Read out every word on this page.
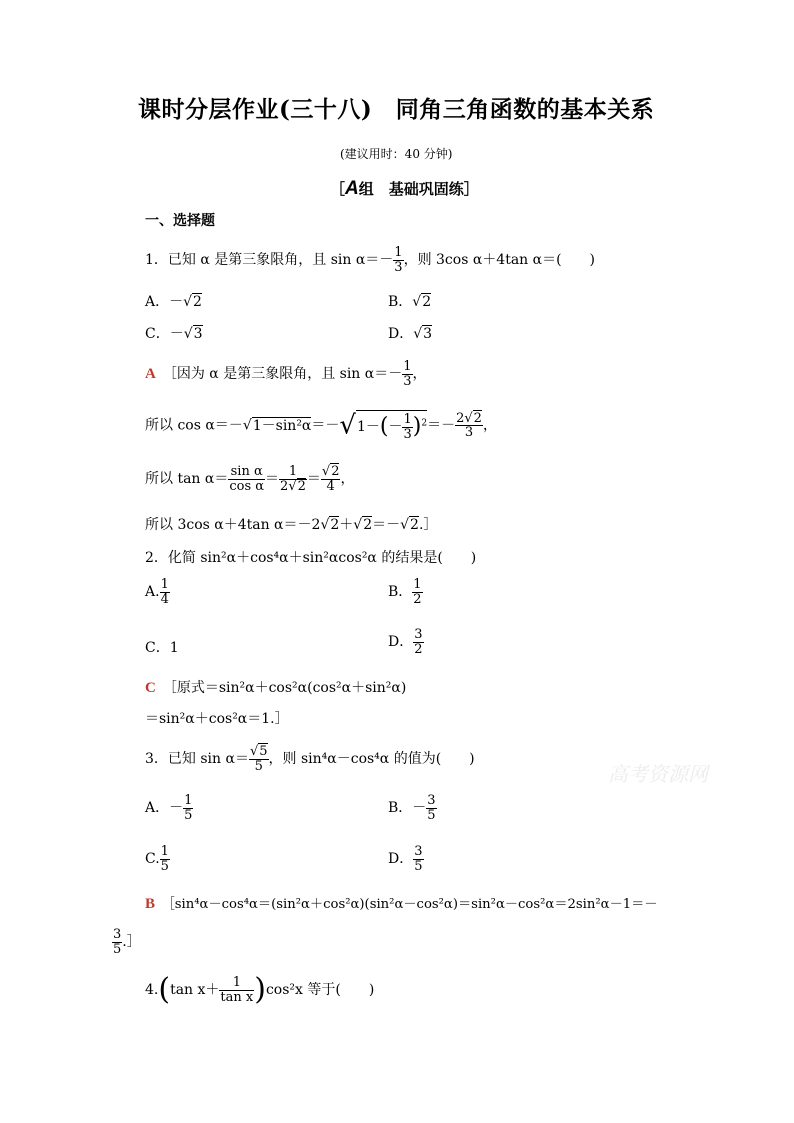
课时分层作业(三十八)　同角三角函数的基本关系
(建议用时：40 分钟)
［A组　 基础巩固练］
一、选择题
1．已知 α 是第三象限角，且 $\sin \alpha=- \frac{1}{3}$ ，则 3cos α＋4tan α＝(　　)
A．－√2	B．√2
C．－√3	D．√3
A　 ［因为 α 是第三象限角，且 $\sin \alpha=- \frac{1}{3}$ ，
所以 $\cos \alpha=-√1-\sin^2\alpha=-√1-(- \frac{1}{3} )^2=- \frac{2√2}{3}$ ，
所以 $\tan \alpha= \frac{\text{sin α}}{\text{cos α}} = \frac{1}{2√2} = \frac{√2}{4}$ ，
所以 3cos α＋4tan α＝－2√2＋√2＝－√2.］
2．化简 sin²α＋cos⁴α＋sin²αcos²α 的结果是(　　)
A. $\frac{1}{4}$	B． $\frac{1}{2}$
C．1	D． $\frac{3}{2}$
C　 ［原式＝sin²α＋cos²α(cos²α＋sin²α)
＝sin²α＋cos²α＝1.］
3．已知 $\sin \alpha= \frac{√5}{5}$ ，则 sin⁴α－cos⁴α 的值为(　　)
A．－ $\frac{1}{5}$	B．－ $\frac{3}{5}$
C. $\frac{1}{5}$	D． $\frac{3}{5}$
B　 ［sin⁴α－cos⁴α＝(sin²α＋cos²α)(sin²α－cos²α)＝sin²α－cos²α＝2sin²α－1＝－
$\frac{3}{5}$ .］
4.(tan $x+ \frac{1}{\text{tan x}} )\cos^2x$ 等于(　　)
高考资源网
